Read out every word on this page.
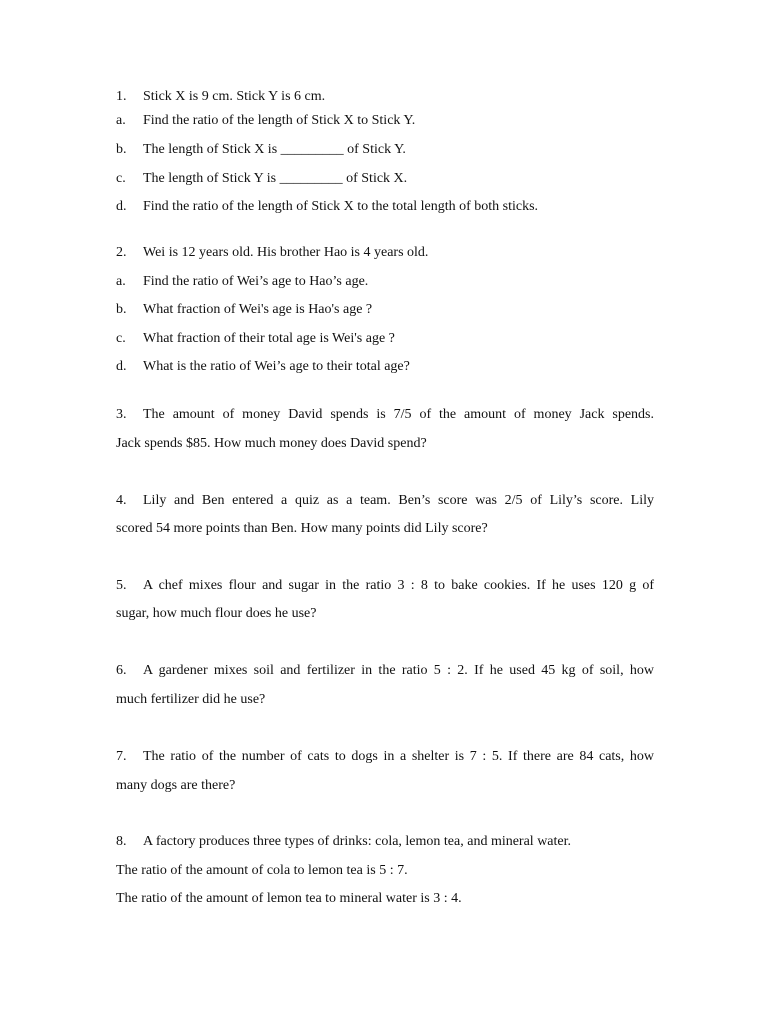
1. Stick X is 9 cm. Stick Y is 6 cm.
a. Find the ratio of the length of Stick X to Stick Y.
b. The length of Stick X is _________ of Stick Y.
c. The length of Stick Y is _________ of Stick X.
d. Find the ratio of the length of Stick X to the total length of both sticks.
2. Wei is 12 years old. His brother Hao is 4 years old.
a. Find the ratio of Wei’s age to Hao’s age.
b. What fraction of Wei's age is Hao's age ?
c. What fraction of their total age is Wei's age ?
d. What is the ratio of Wei’s age to their total age?
3.	The amount of money David spends is 7/5 of the amount of money Jack spends.
Jack spends $85. How much money does David spend?
4.	Lily and Ben entered a quiz as a team. Ben’s score was 2/5 of Lily’s score. Lily
scored 54 more points than Ben. How many points did Lily score?
5.	A chef mixes flour and sugar in the ratio 3 : 8 to bake cookies. If he uses 120 g of
sugar, how much flour does he use?
6.	A gardener mixes soil and fertilizer in the ratio 5 : 2. If he used 45 kg of soil, how
much fertilizer did he use?
7.	The ratio of the number of cats to dogs in a shelter is 7 : 5. If there are 84 cats, how
many dogs are there?
8. A factory produces three types of drinks: cola, lemon tea, and mineral water.
The ratio of the amount of cola to lemon tea is 5 : 7.
The ratio of the amount of lemon tea to mineral water is 3 : 4.
